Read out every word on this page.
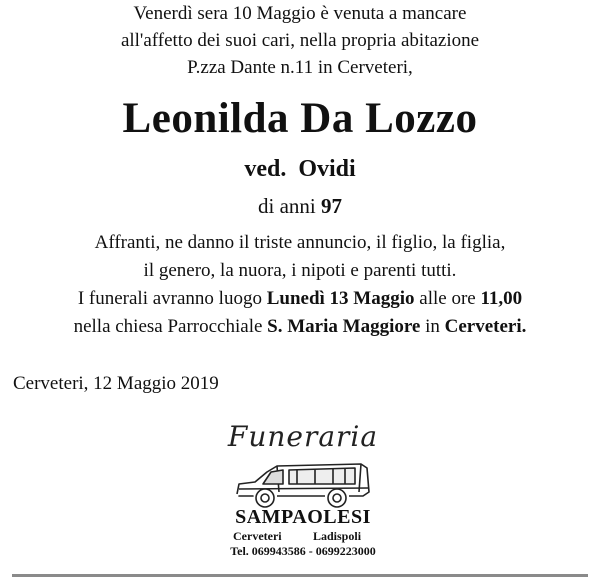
Venerdì sera 10 Maggio è venuta a mancare
all'affetto dei suoi cari, nella propria abitazione
P.zza Dante n.11 in Cerveteri,
Leonilda Da Lozzo
ved. Ovidi
di anni 97
Affranti, ne danno il triste annuncio, il figlio, la figlia,
il genero, la nuora, i nipoti e parenti tutti.
I funerali avranno luogo Lunedì 13 Maggio alle ore 11,00
nella chiesa Parrocchiale S. Maria Maggiore in Cerveteri.
Cerveteri, 12 Maggio 2019
Funeraria
SAMPAOLESI
Cerveteri	Ladispoli
Tel. 069943586 - 0699223000
